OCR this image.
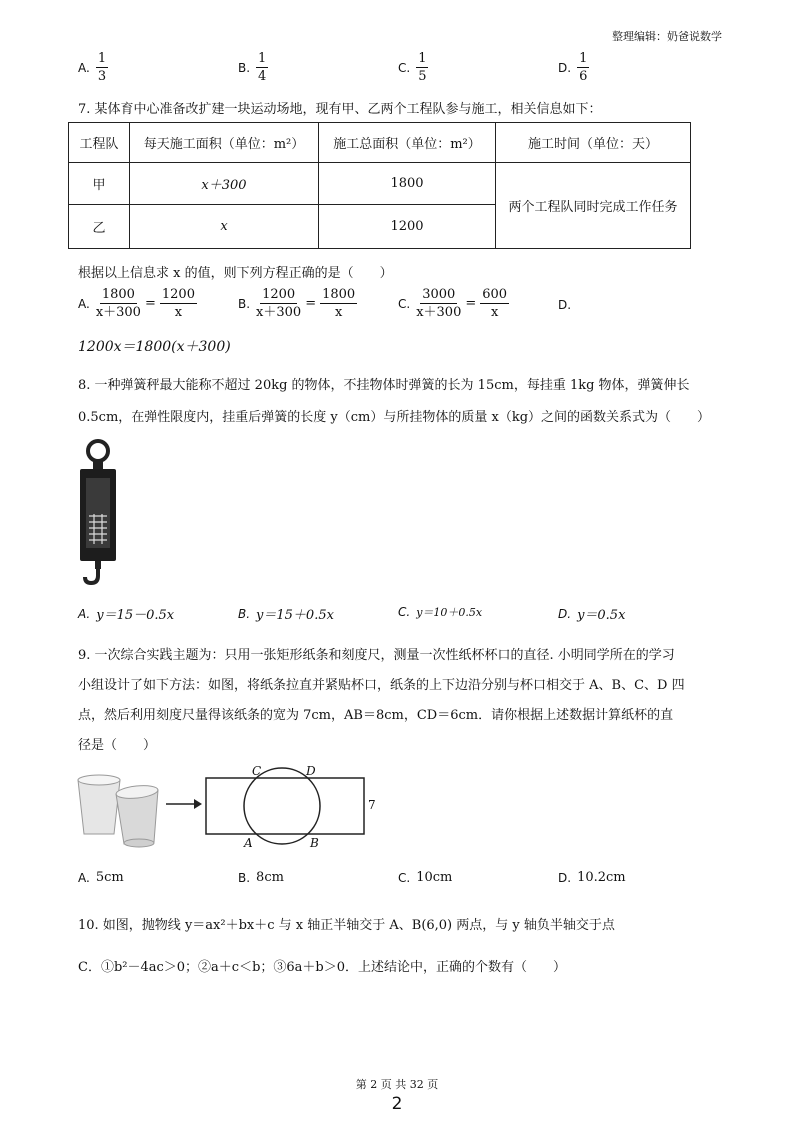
整理编辑：奶爸说数学
A. $\frac{1}{3}$	B. $\frac{1}{4}$	C. $\frac{1}{5}$	D. $\frac{1}{6}$
7. 某体育中心准备改扩建一块运动场地，现有甲、乙两个工程队参与施工，相关信息如下：
工程队	每天施工面积（单位：m²）	施工总面积（单位：m²）	施工时间（单位：天）
甲	x＋300	1800	两个工程队同时完成工作任务
乙	x	1200	
根据以上信息求 x 的值，则下列方程正确的是（　　）
A. $\frac{1800}{x+300} = \frac{1200}{x}$	B. $\frac{1200}{x+300} = \frac{1800}{x}$	C. $\frac{3000}{x+300} = \frac{600}{x}$	D.
1200x＝1800(x＋300)
8. 一种弹簧秤最大能称不超过 20kg 的物体，不挂物体时弹簧的长为 15cm，每挂重 1kg 物体，弹簧伸长
0.5cm，在弹性限度内，挂重后弹簧的长度 y（cm）与所挂物体的质量 x（kg）之间的函数关系式为（　　）
A. y＝15－0.5x	B. y＝15＋0.5x	C. y＝10＋0.5x	D. y＝0.5x
9. 一次综合实践主题为：只用一张矩形纸条和刻度尺，测量一次性纸杯杯口的直径. 小明同学所在的学习
小组设计了如下方法：如图，将纸条拉直并紧贴杯口，纸条的上下边沿分别与杯口相交于 A、B、C、D 四
点，然后利用刻度尺量得该纸条的宽为 7cm，AB＝8cm，CD＝6cm．请你根据上述数据计算纸杯的直
径是（　　）
C	D
A	B
7
A. 5cm	B. 8cm	C. 10cm	D. 10.2cm
10. 如图，抛物线 y＝ax²＋bx＋c 与 x 轴正半轴交于 A、B(6,0) 两点，与 y 轴负半轴交于点
C．①b²－4ac＞0；②a＋c＜b；③6a＋b＞0．上述结论中，正确的个数有（　　）
第 2 页 共 32 页
2
